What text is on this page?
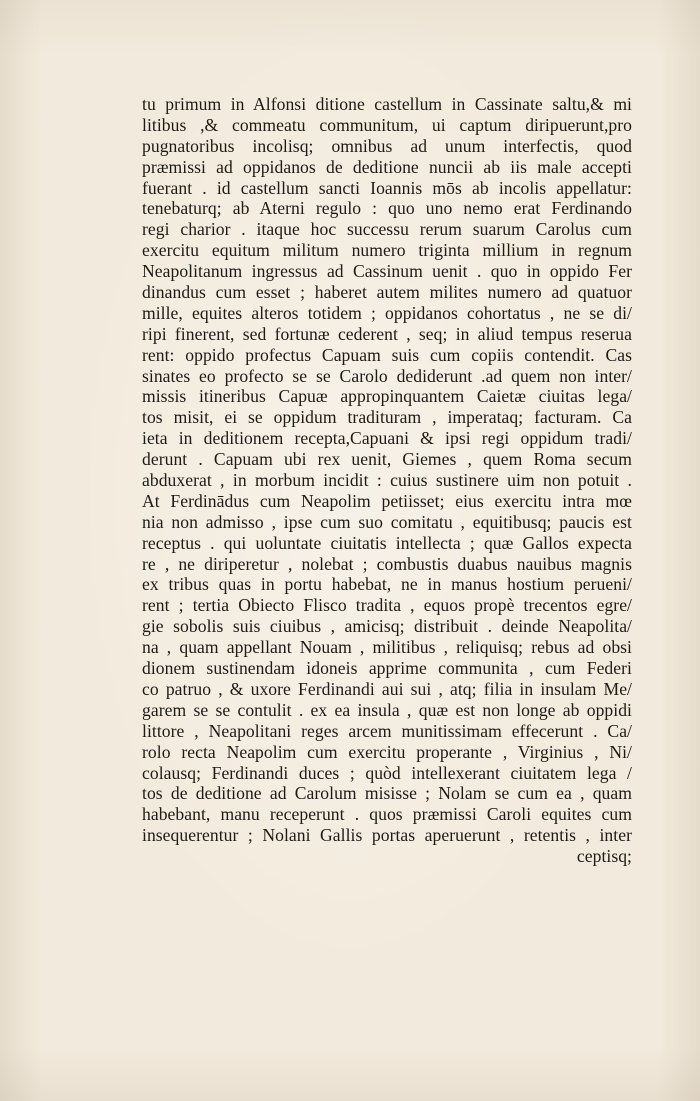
tu primum in Alfonsi ditione castellum in Cassinate saltu,& mi
litibus ,& commeatu communitum, ui captum diripuerunt,pro
pugnatoribus incolisq; omnibus ad unum interfectis, quod
præmissi ad oppidanos de deditione nuncii ab iis male accepti
fuerant . id castellum sancti Ioannis mōs ab incolis appellatur:
tenebaturq; ab Aterni regulo : quo uno nemo erat Ferdinando
regi charior . itaque hoc successu rerum suarum Carolus cum
exercitu equitum militum numero triginta millium in regnum
Neapolitanum ingressus ad Cassinum uenit . quo in oppido Fer
dinandus cum esset ; haberet autem milites numero ad quatuor
mille, equites alteros totidem ; oppidanos cohortatus , ne se di/
ripi finerent, sed fortunæ cederent , seq; in aliud tempus reserua
rent: oppido profectus Capuam suis cum copiis contendit. Cas
sinates eo profecto se se Carolo dediderunt .ad quem non inter/
missis itineribus Capuæ appropinquantem Caietæ ciuitas lega/
tos misit, ei se oppidum tradituram , imperataq; facturam. Ca
ieta in deditionem recepta,Capuani & ipsi regi oppidum tradi/
derunt . Capuam ubi rex uenit, Giemes , quem Roma secum
abduxerat , in morbum incidit : cuius sustinere uim non potuit .
At Ferdinādus cum Neapolim petiisset; eius exercitu intra mœ
nia non admisso , ipse cum suo comitatu , equitibusq; paucis est
receptus . qui uoluntate ciuitatis intellecta ; quæ Gallos expecta
re , ne diriperetur , nolebat ; combustis duabus nauibus magnis
ex tribus quas in portu habebat, ne in manus hostium perueni/
rent ; tertia Obiecto Flisco tradita , equos propè trecentos egre/
gie sobolis suis ciuibus , amicisq; distribuit . deinde Neapolita/
na , quam appellant Nouam , militibus , reliquisq; rebus ad obsi
dionem sustinendam idoneis apprime communita , cum Federi
co patruo , & uxore Ferdinandi aui sui , atq; filia in insulam Me/
garem se se contulit . ex ea insula , quæ est non longe ab oppidi
littore , Neapolitani reges arcem munitissimam effecerunt . Ca/
rolo recta Neapolim cum exercitu properante , Virginius , Ni/
colausq; Ferdinandi duces ; quòd intellexerant ciuitatem lega /
tos de deditione ad Carolum misisse ; Nolam se cum ea , quam
habebant, manu receperunt . quos præmissi Caroli equites cum
insequerentur ; Nolani Gallis portas aperuerunt , retentis , inter
ceptisq;
